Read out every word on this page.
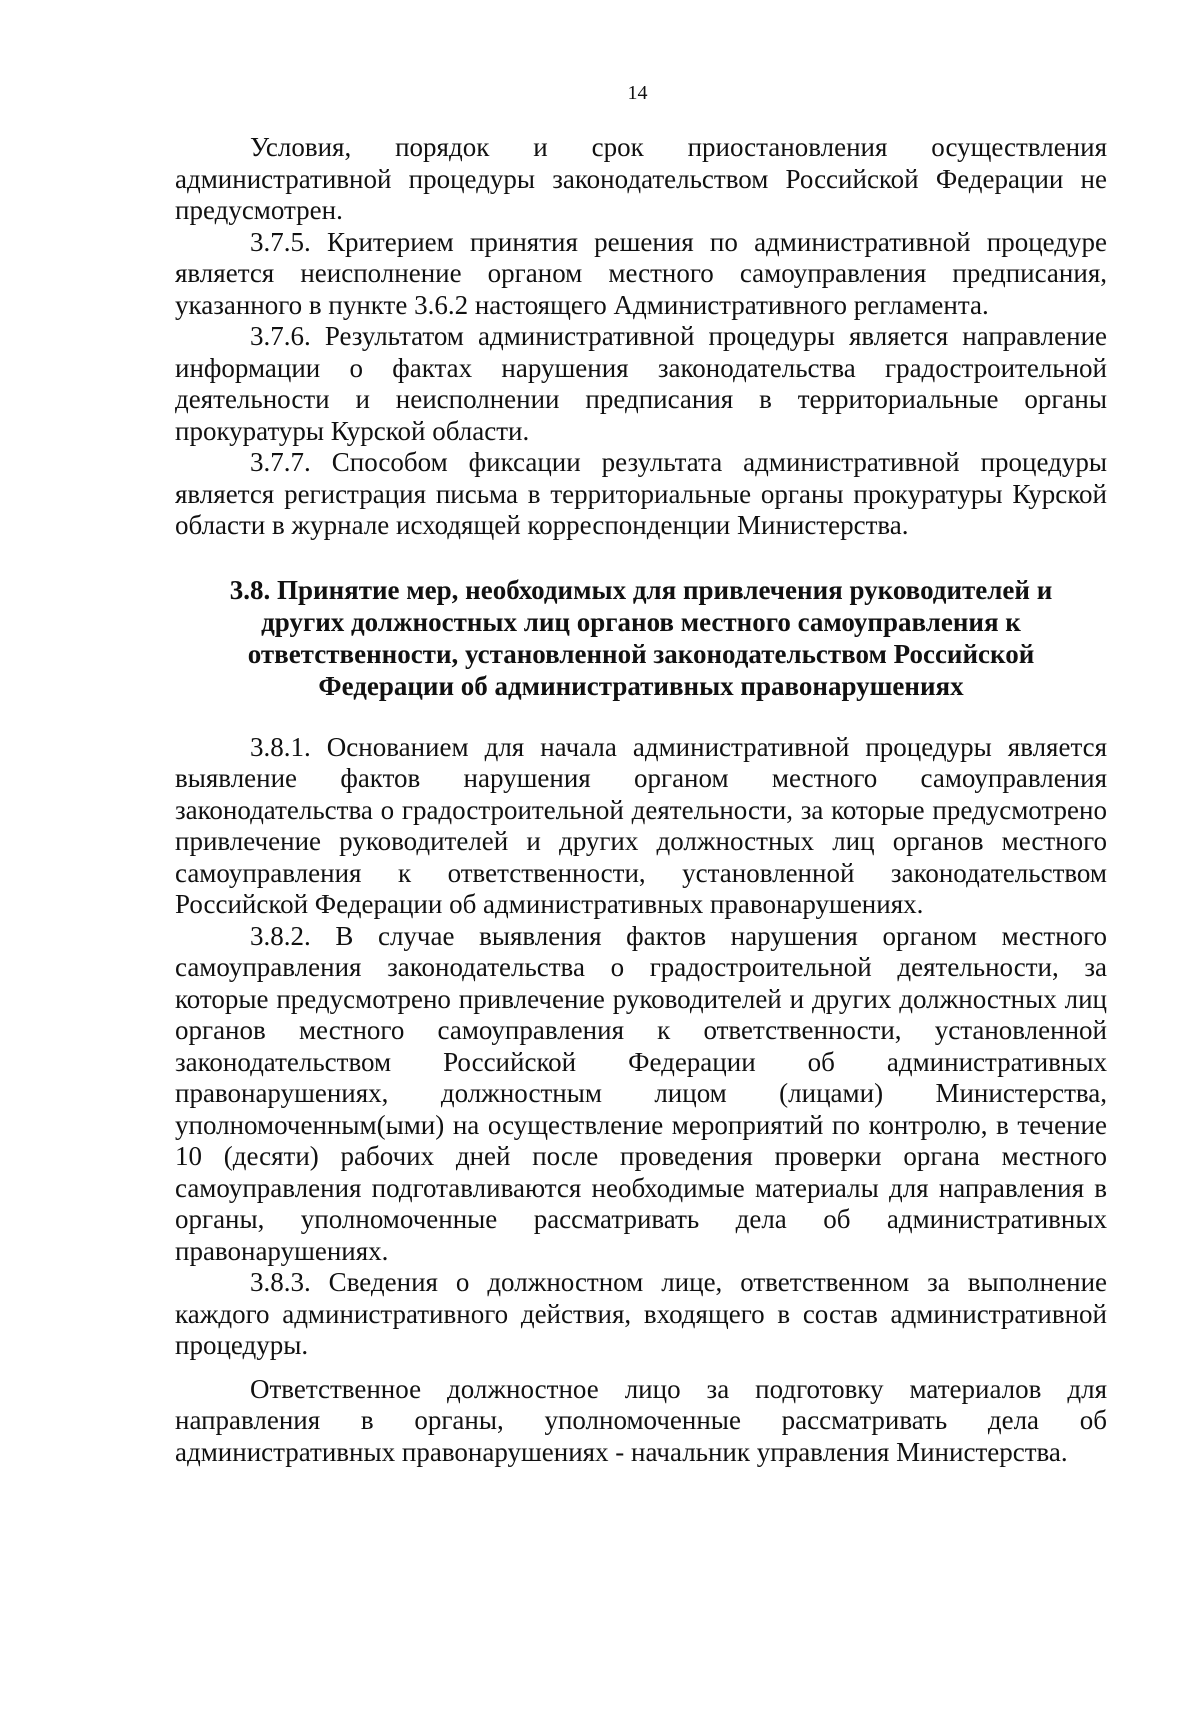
14

Условия, порядок и срок приостановления осуществления административной процедуры законодательством Российской Федерации не предусмотрен.

3.7.5. Критерием принятия решения по административной процедуре является неисполнение органом местного самоуправления предписания, указанного в пункте 3.6.2 настоящего Административного регламента.

3.7.6. Результатом административной процедуры является направление информации о фактах нарушения законодательства градостроительной деятельности и неисполнении предписания в территориальные органы прокуратуры Курской области.

3.7.7. Способом фиксации результата административной процедуры является регистрация письма в территориальные органы прокуратуры Курской области в журнале исходящей корреспонденции Министерства.

3.8. Принятие мер, необходимых для привлечения руководителей и других должностных лиц органов местного самоуправления к ответственности, установленной законодательством Российской Федерации об административных правонарушениях

3.8.1. Основанием для начала административной процедуры является выявление фактов нарушения органом местного самоуправления законодательства о градостроительной деятельности, за которые предусмотрено привлечение руководителей и других должностных лиц органов местного самоуправления к ответственности, установленной законодательством Российской Федерации об административных правонарушениях.

3.8.2. В случае выявления фактов нарушения органом местного самоуправления законодательства о градостроительной деятельности, за которые предусмотрено привлечение руководителей и других должностных лиц органов местного самоуправления к ответственности, установленной законодательством Российской Федерации об административных правонарушениях, должностным лицом (лицами) Министерства, уполномоченным(ыми) на осуществление мероприятий по контролю, в течение 10 (десяти) рабочих дней после проведения проверки органа местного самоуправления подготавливаются необходимые материалы для направления в органы, уполномоченные рассматривать дела об административных правонарушениях.

3.8.3. Сведения о должностном лице, ответственном за выполнение каждого административного действия, входящего в состав административной процедуры.

Ответственное должностное лицо за подготовку материалов для направления в органы, уполномоченные рассматривать дела об административных правонарушениях - начальник управления Министерства.
